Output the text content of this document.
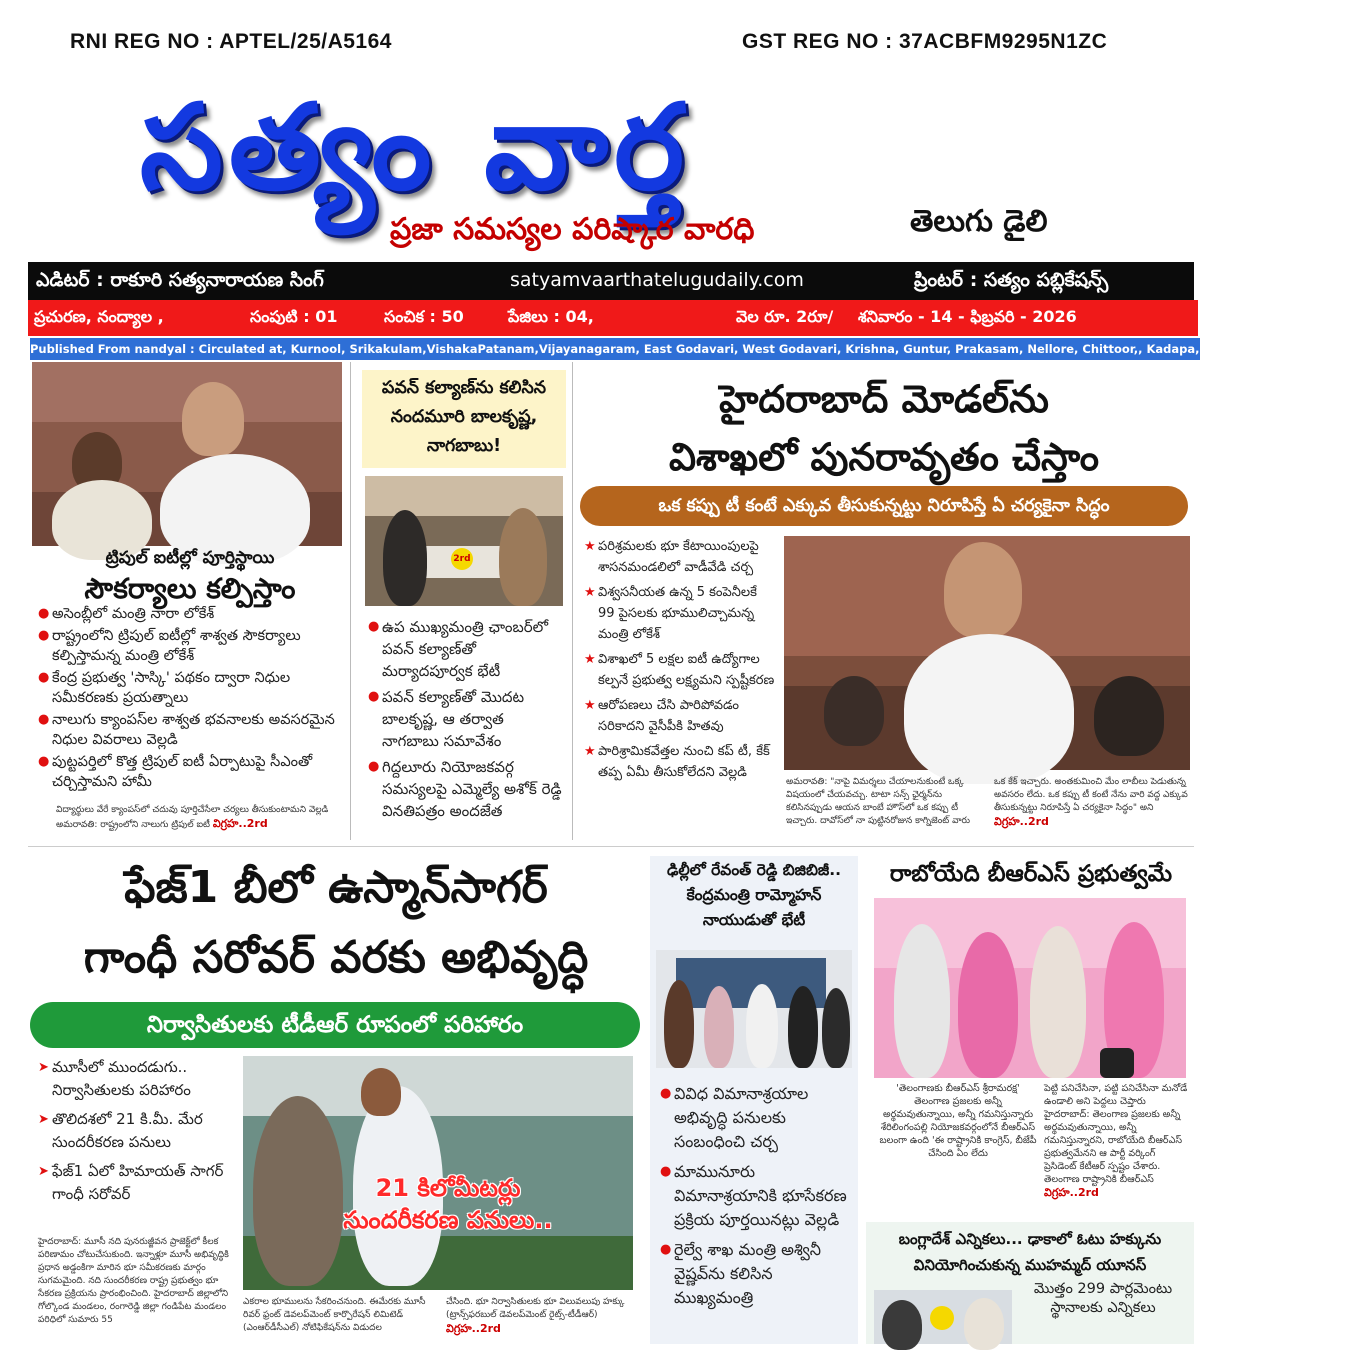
RNI REG NO : APTEL/25/A5164	GST REG NO : 37ACBFM9295N1ZC
సత్యం వార్త
ప్రజా సమస్యల పరిష్కార వారధి	తెలుగు డైలి
ఎడిటర్ : రాకూరి సత్యనారాయణ సింగ్	satyamvaarthatelugudaily.com	ప్రింటర్ : సత్యం పబ్లికేషన్స్
ప్రచురణ, నంద్యాల ,	సంపుటి : 01	సంచిక : 50	పేజిలు : 04,	వెల రూ. 2రూ/ శనివారం - 14 - ఫిబ్రవరి - 2026
Published From nandyal : Circulated at, Kurnool, Srikakulam,VishakaPatanam,Vijayanagaram, East Godavari, West Godavari, Krishna, Guntur, Prakasam, Nellore, Chittoor,, Kadapa, Anantapuram, Hyderabad
ట్రిపుల్ ఐటీల్లో పూర్తిస్థాయి
సౌకర్యాలు కల్పిస్తాం
● అసెంబ్లీలో మంత్రి నారా లోకేశ్
● రాష్ట్రంలోని ట్రిపుల్ ఐటీల్లో శాశ్వత సౌకర్యాలు కల్పిస్తామన్న మంత్రి లోకేశ్
● కేంద్ర ప్రభుత్వ 'సాస్కి' పథకం ద్వారా నిధుల సమీకరణకు ప్రయత్నాలు
● నాలుగు క్యాంపస్‌ల శాశ్వత భవనాలకు అవసరమైన నిధుల వివరాలు వెల్లడి
● పుట్టపర్తిలో కొత్త ట్రిపుల్ ఐటీ ఏర్పాటుపై సీఎంతో చర్చిస్తామని హామీ
విద్యార్థులు వేరే క్యాంపస్‌లో చదువు పూర్తిచేసేలా చర్యలు తీసుకుంటామని వెల్లడి అమరావతి: రాష్ట్రంలోని నాలుగు ట్రిపుల్ ఐటీ విగ్రహ..2rd
పవన్ కల్యాణ్‌ను కలిసిన నందమూరి బాలకృష్ణ, నాగబాబు!
2rd
● ఉప ముఖ్యమంత్రి ఛాంబర్‌లో పవన్ కల్యాణ్‌తో మర్యాదపూర్వక భేటీ
● పవన్ కల్యాణ్‌తో మొదట బాలకృష్ణ, ఆ తర్వాత నాగబాబు సమావేశం
● గిద్దలూరు నియోజకవర్గ సమస్యలపై ఎమ్మెల్యే అశోక్ రెడ్డి వినతిపత్రం అందజేత
హైదరాబాద్ మోడల్‌ను
విశాఖలో పునరావృతం చేస్తాం
ఒక కప్పు టీ కంటే ఎక్కువ తీసుకున్నట్టు నిరూపిస్తే ఏ చర్యకైనా సిద్ధం
★ పరిశ్రమలకు భూ కేటాయింపులపై శాసనమండలిలో వాడీవేడి చర్చ
★ విశ్వసనీయత ఉన్న 5 కంపెనీలకే 99 పైసలకు భూములిచ్చామన్న మంత్రి లోకేశ్
★ విశాఖలో 5 లక్షల ఐటీ ఉద్యోగాల కల్పనే ప్రభుత్వ లక్ష్యమని స్పష్టీకరణ
★ ఆరోపణలు చేసి పారిపోవడం సరికాదని వైసీపీకి హితవు
★ పారిశ్రామికవేత్తల నుంచి కప్ టీ, కేక్ తప్ప ఏమీ తీసుకోలేదని వెల్లడి
అమరావతి: "నాపై విమర్శలు చేయాలనుకుంటే ఒక్క విషయంలో చేయవచ్చు. టాటా సన్స్ ఛైర్మన్‌ను కలిసినప్పుడు ఆయన బాంబే హౌస్‌లో ఒక కప్పు టీ ఇచ్చారు. దావోస్‌లో నా పుట్టినరోజున కాగ్నిజెంట్ వారు ఒక కేక్ ఇచ్చారు. అంతకుమించి మేం లాబీలు పెడుతున్న అవసరం లేదు. ఒక కప్పు టీ కంటే నేను వారి వద్ద ఎక్కువ తీసుకున్నట్టు నిరూపిస్తే ఏ చర్యకైనా సిద్ధం" అని విగ్రహ..2rd
ఫేజ్1 బీలో ఉస్మాన్‌సాగర్
గాంధీ సరోవర్ వరకు అభివృద్ధి
నిర్వాసితులకు టీడీఆర్ రూపంలో పరిహారం
➤ మూసీలో ముందడుగు.. నిర్వాసితులకు పరిహారం
➤ తొలిదశలో 21 కి.మీ. మేర సుందరీకరణ పనులు
➤ ఫేజ్1 ఏలో హిమాయత్ సాగర్ గాంధీ సరోవర్	21 కిలోమీటర్లు
సుందరీకరణ పనులు..
హైదరాబాద్: మూసీ నది పునరుజ్జీవన ప్రాజెక్ట్‌లో కీలక పరిణామం చోటుచేసుకుంది. ఇన్నాళ్లూ మూసీ అభివృద్ధికి ప్రధాన అడ్డంకిగా మారిన భూ సమీకరణకు మార్గం సుగమమైంది. నది సుందరీకరణ రాష్ట్ర ప్రభుత్వం భూ సేకరణ ప్రక్రియను ప్రారంభించింది. హైదరాబాద్ జిల్లాలోని గోల్కొండ మండలం, రంగారెడ్డి జిల్లా గండిపేట మండలం పరిధిలో సుమారు 55
ఎకరాల భూములను సేకరించనుంది. ఈమేరకు మూసీ రివర్ ఫ్రంట్ డెవలప్‌మెంట్ కార్పొరేషన్ లిమిటెడ్ (ఎంఆర్‌డీసీఎల్) నోటిఫికేషన్‌ను విడుదల
చేసింది. భూ నిర్వాసితులకు భూ విలువలుపు హక్కు (ట్రాన్స్‌ఫరబుల్ డెవలప్‌మెంట్ రైట్స్-టీడీఆర్) విగ్రహ..2rd
ఢిల్లీలో రేవంత్ రెడ్డి బిజిబిజీ.. కేంద్రమంత్రి రామ్మోహన్ నాయుడుతో భేటీ
● వివిధ విమానాశ్రయాల అభివృద్ధి పనులకు సంబంధించి చర్చ
● మామునూరు విమానాశ్రయానికి భూసేకరణ ప్రక్రియ పూర్తయినట్లు వెల్లడి
● రైల్వే శాఖ మంత్రి అశ్వినీ వైష్ణవ్‌ను కలిసిన ముఖ్యమంత్రి
రాబోయేది బీఆర్ఎస్ ప్రభుత్వమే
'తెలంగాణకు బీఆర్ఎస్ శ్రీరామరక్ష' తెలంగాణ ప్రజలకు అన్నీ అర్థమవుతున్నాయి, అన్నీ గమనిస్తున్నారు శేరిలింగంపల్లి నియోజకవర్గంలోనే బీఆర్ఎస్ బలంగా ఉంది 'ఈ రాష్ట్రానికి కాంగ్రెస్, బీజేపీ చేసింది ఏం లేదు
పెట్టి పనిచేసినా, పట్టి పనిచేసినా మనోడే ఉండాలి అని పెద్దలు చెప్తారు హైదరాబాద్: తెలంగాణ ప్రజలకు అన్నీ అర్థమవుతున్నాయి, అన్నీ గమనిస్తున్నారని, రాబోయేది బీఆర్ఎస్ ప్రభుత్వమేనని ఆ పార్టీ వర్కింగ్ ప్రెసిడెంట్ కేటీఆర్ స్పష్టం చేశారు. తెలంగాణ రాష్ట్రానికి బీఆర్ఎస్ విగ్రహ..2rd
బంగ్లాదేశ్ ఎన్నికలు... ఢాకాలో ఓటు హక్కును వినియోగించుకున్న ముహమ్మద్ యూనస్
మొత్తం 299 పార్లమెంటు స్థానాలకు ఎన్నికలు
